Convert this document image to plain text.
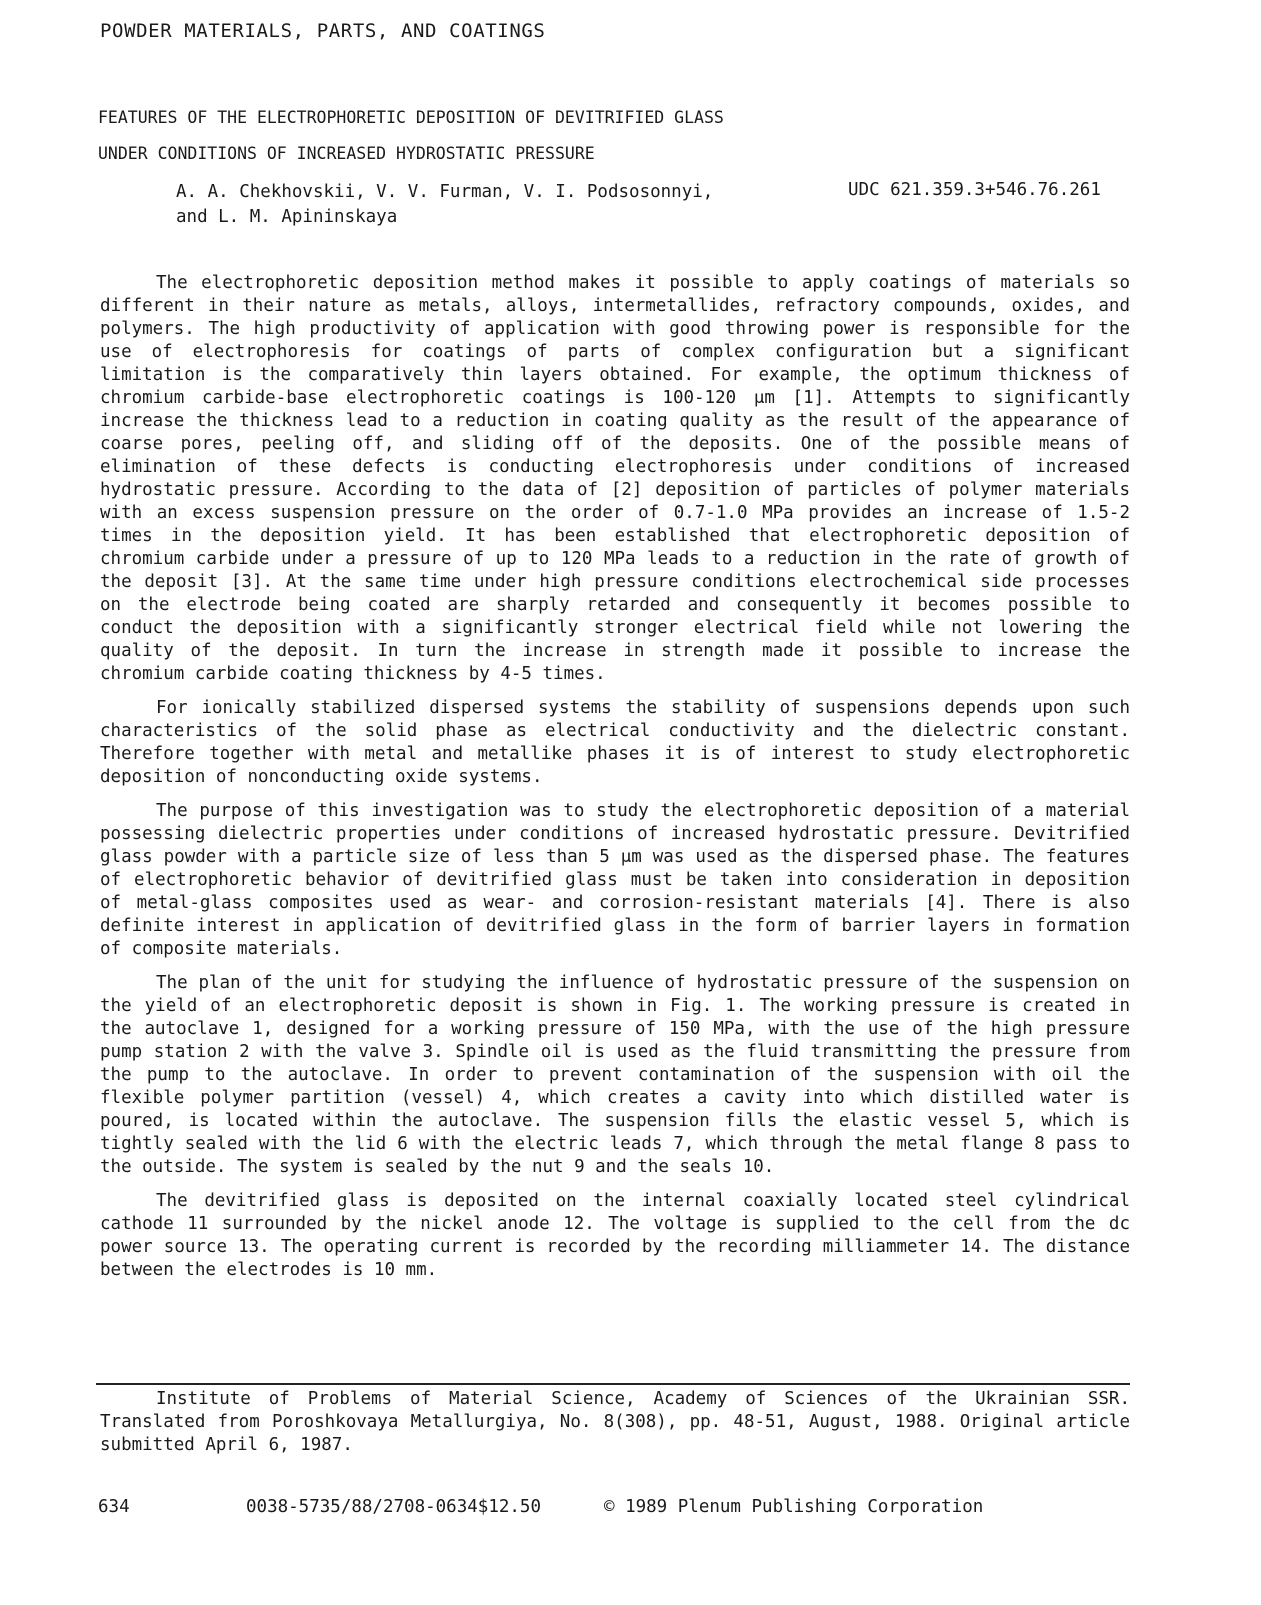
POWDER MATERIALS, PARTS, AND COATINGS
FEATURES OF THE ELECTROPHORETIC DEPOSITION OF DEVITRIFIED GLASS
UNDER CONDITIONS OF INCREASED HYDROSTATIC PRESSURE
A. A. Chekhovskii, V. V. Furman, V. I. Podsosonnyi,
and L. M. Apininskaya
UDC 621.359.3+546.76.261

The electrophoretic deposition method makes it possible to apply coatings of materials so different in their nature as metals, alloys, intermetallides, refractory compounds, oxides, and polymers. The high productivity of application with good throwing power is responsible for the use of electrophoresis for coatings of parts of complex configuration but a significant limitation is the comparatively thin layers obtained. For example, the optimum thickness of chromium carbide-base electrophoretic coatings is 100-120 μm [1]. Attempts to significantly increase the thickness lead to a reduction in coating quality as the result of the appearance of coarse pores, peeling off, and sliding off of the deposits. One of the possible means of elimination of these defects is conducting electrophoresis under conditions of increased hydrostatic pressure. According to the data of [2] deposition of particles of polymer materials with an excess suspension pressure on the order of 0.7-1.0 MPa provides an increase of 1.5-2 times in the deposition yield. It has been established that electrophoretic deposition of chromium carbide under a pressure of up to 120 MPa leads to a reduction in the rate of growth of the deposit [3]. At the same time under high pressure conditions electrochemical side processes on the electrode being coated are sharply retarded and consequently it becomes possible to conduct the deposition with a significantly stronger electrical field while not lowering the quality of the deposit. In turn the increase in strength made it possible to increase the chromium carbide coating thickness by 4-5 times.

For ionically stabilized dispersed systems the stability of suspensions depends upon such characteristics of the solid phase as electrical conductivity and the dielectric constant. Therefore together with metal and metallike phases it is of interest to study electrophoretic deposition of nonconducting oxide systems.

The purpose of this investigation was to study the electrophoretic deposition of a material possessing dielectric properties under conditions of increased hydrostatic pressure. Devitrified glass powder with a particle size of less than 5 μm was used as the dispersed phase. The features of electrophoretic behavior of devitrified glass must be taken into consideration in deposition of metal-glass composites used as wear- and corrosion-resistant materials [4]. There is also definite interest in application of devitrified glass in the form of barrier layers in formation of composite materials.

The plan of the unit for studying the influence of hydrostatic pressure of the suspension on the yield of an electrophoretic deposit is shown in Fig. 1. The working pressure is created in the autoclave 1, designed for a working pressure of 150 MPa, with the use of the high pressure pump station 2 with the valve 3. Spindle oil is used as the fluid transmitting the pressure from the pump to the autoclave. In order to prevent contamination of the suspension with oil the flexible polymer partition (vessel) 4, which creates a cavity into which distilled water is poured, is located within the autoclave. The suspension fills the elastic vessel 5, which is tightly sealed with the lid 6 with the electric leads 7, which through the metal flange 8 pass to the outside. The system is sealed by the nut 9 and the seals 10.

The devitrified glass is deposited on the internal coaxially located steel cylindrical cathode 11 surrounded by the nickel anode 12. The voltage is supplied to the cell from the dc power source 13. The operating current is recorded by the recording milliammeter 14. The distance between the electrodes is 10 mm.

Institute of Problems of Material Science, Academy of Sciences of the Ukrainian SSR. Translated from Poroshkovaya Metallurgiya, No. 8(308), pp. 48-51, August, 1988. Original article submitted April 6, 1987.

634	0038-5735/88/2708-0634$12.50	© 1989 Plenum Publishing Corporation
